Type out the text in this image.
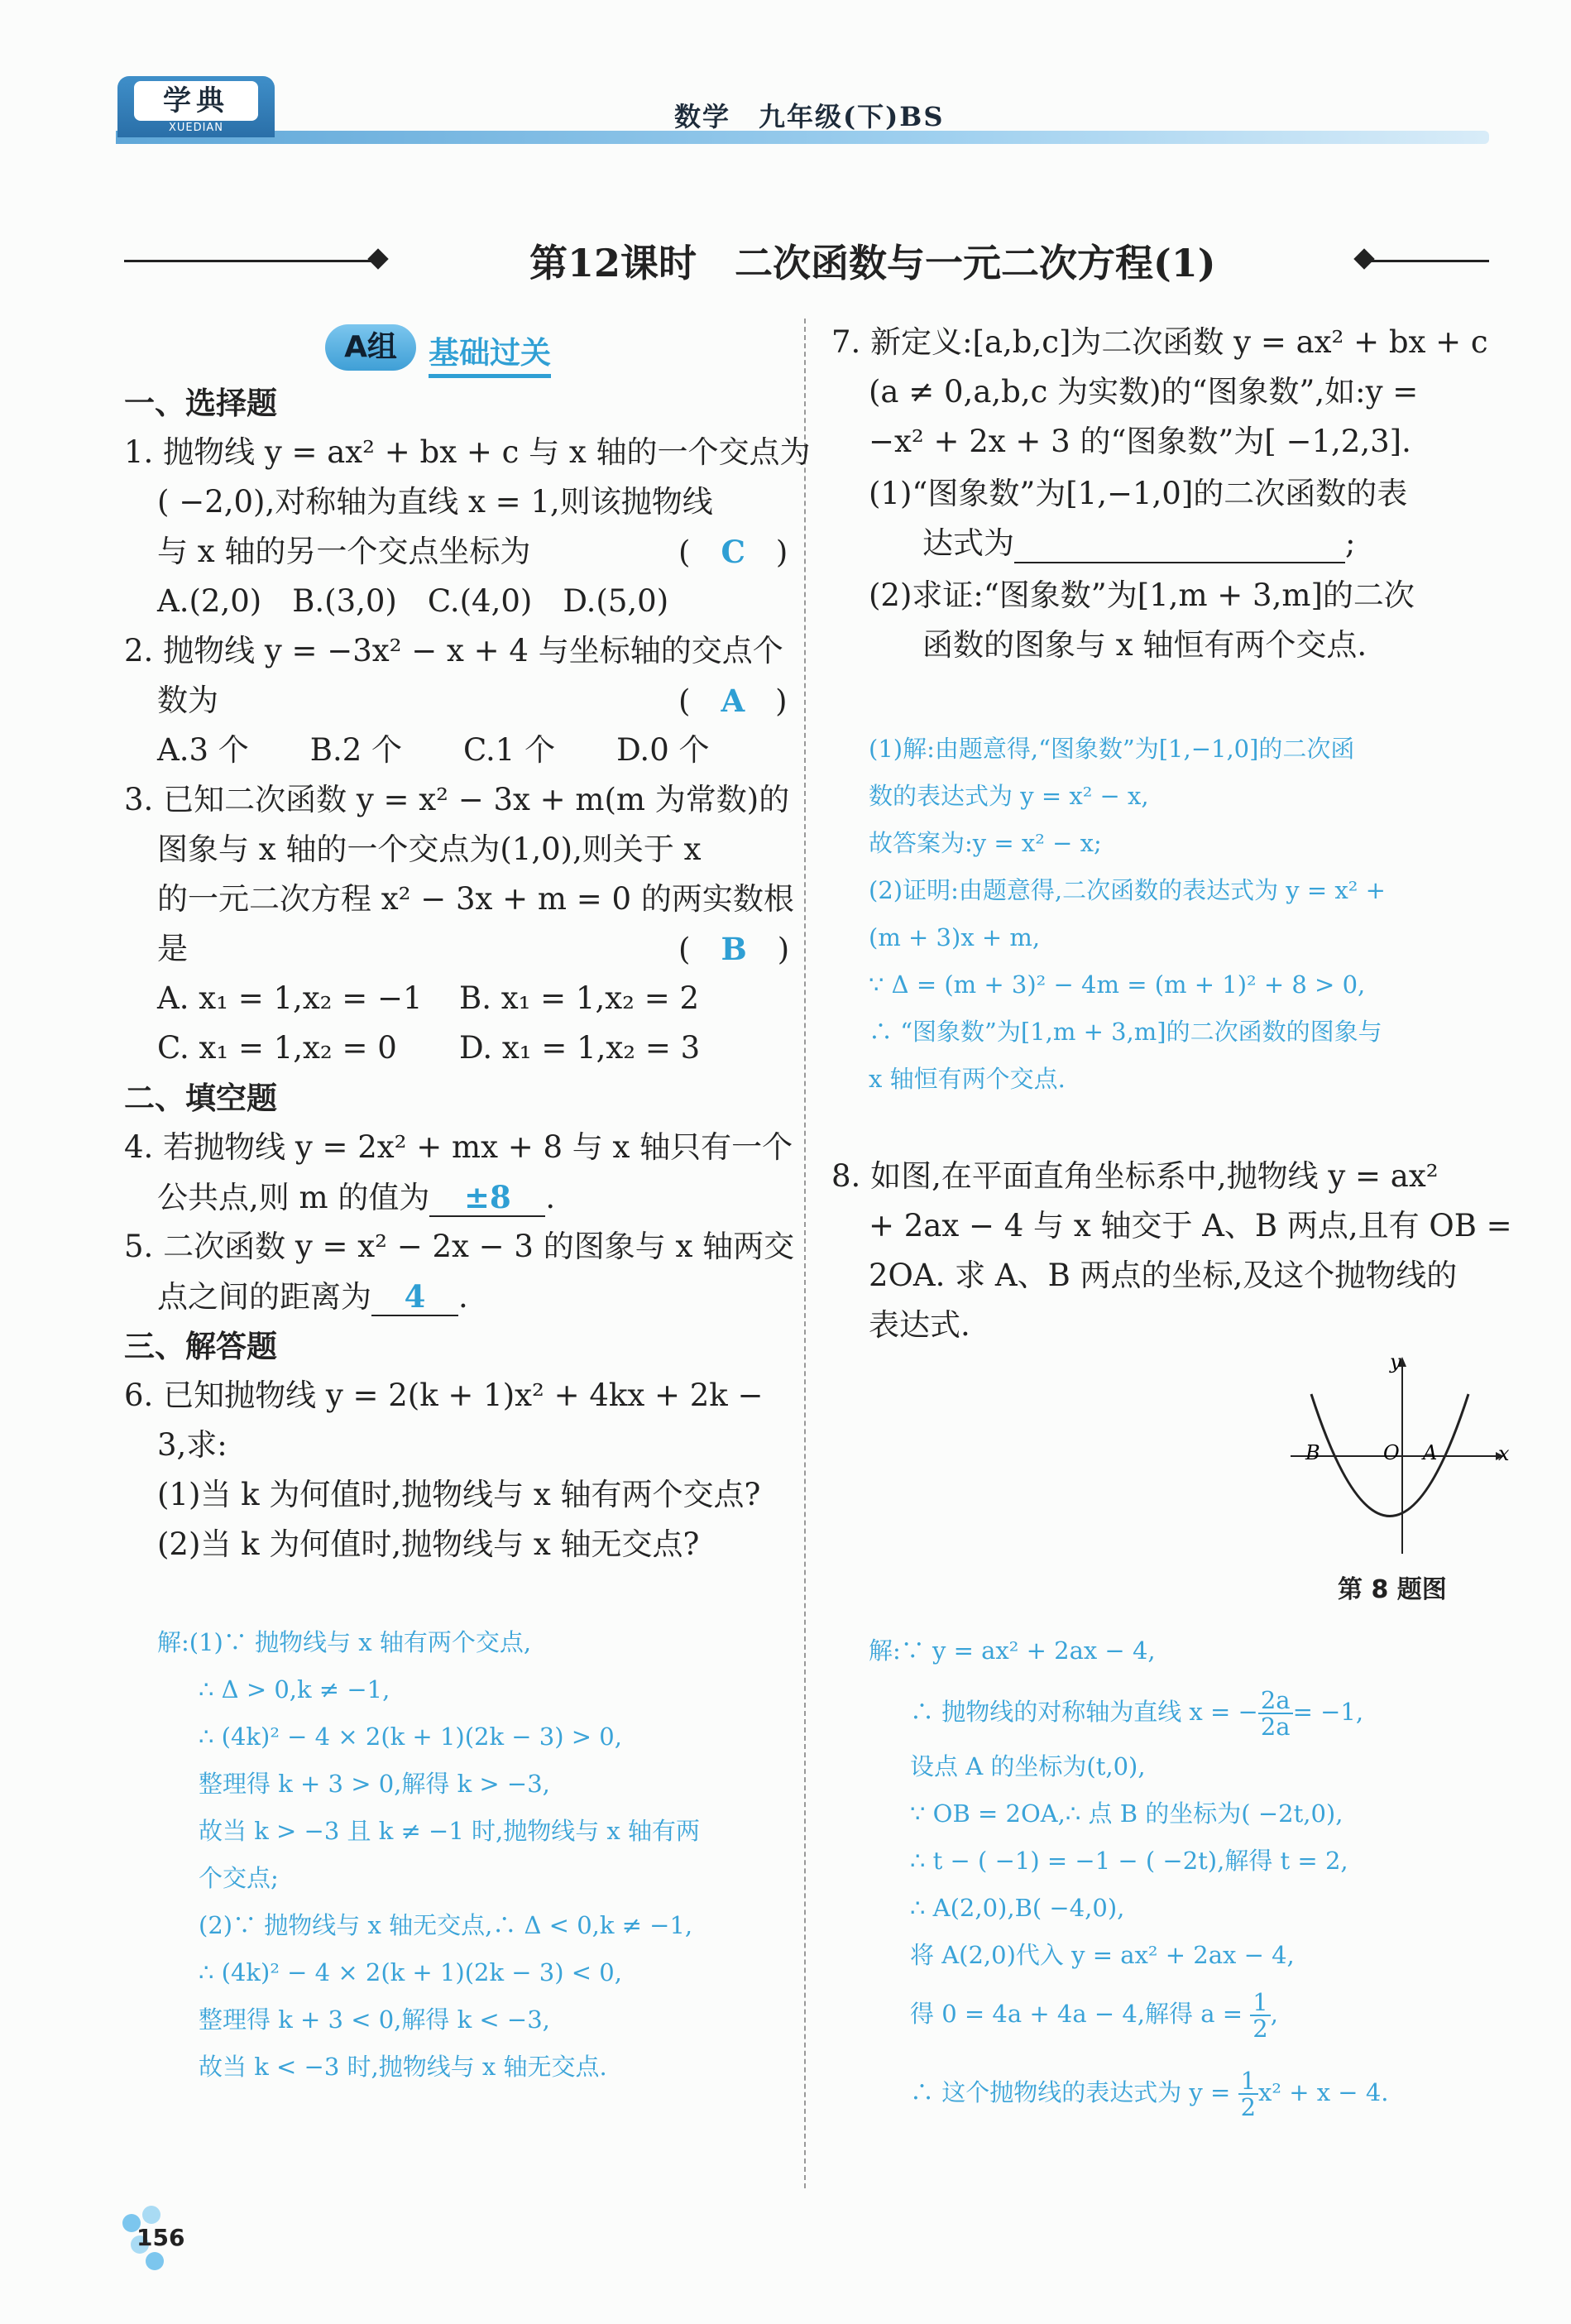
学典
XUEDIAN	数学　九年级(下)BS
第12课时　二次函数与一元二次方程(1)
A组	基础过关
一、选择题
1. 抛物线 y = ax² + bx + c 与 x 轴的一个交点为
( −2,0),对称轴为直线 x = 1,则该抛物线
与 x 轴的另一个交点坐标为	(　C　)
A.(2,0)　B.(3,0)　C.(4,0)　D.(5,0)
2. 抛物线 y = −3x² − x + 4 与坐标轴的交点个
数为	(　A　)
A.3 个　　B.2 个　　C.1 个　　D.0 个
3. 已知二次函数 y = x² − 3x + m(m 为常数)的
图象与 x 轴的一个交点为(1,0),则关于 x
的一元二次方程 x² − 3x + m = 0 的两实数根
是	(　B　)
A. x₁ = 1,x₂ = −1 B. x₁ = 1,x₂ = 2
C. x₁ = 1,x₂ = 0 D. x₁ = 1,x₂ = 3
二、填空题
4. 若抛物线 y = 2x² + mx + 8 与 x 轴只有一个
公共点,则 m 的值为 ±8 .
5. 二次函数 y = x² − 2x − 3 的图象与 x 轴两交
点之间的距离为 4 .
三、解答题
6. 已知抛物线 y = 2(k + 1)x² + 4kx + 2k −
3,求:
(1)当 k 为何值时,抛物线与 x 轴有两个交点?
(2)当 k 为何值时,抛物线与 x 轴无交点?
解:(1)∵ 抛物线与 x 轴有两个交点,
∴ Δ > 0,k ≠ −1,
∴ (4k)² − 4 × 2(k + 1)(2k − 3) > 0,
整理得 k + 3 > 0,解得 k > −3,
故当 k > −3 且 k ≠ −1 时,抛物线与 x 轴有两
个交点;
(2)∵ 抛物线与 x 轴无交点,∴ Δ < 0,k ≠ −1,
∴ (4k)² − 4 × 2(k + 1)(2k − 3) < 0,
整理得 k + 3 < 0,解得 k < −3,
故当 k < −3 时,抛物线与 x 轴无交点.
7. 新定义:[a,b,c]为二次函数 y = ax² + bx + c
(a ≠ 0,a,b,c 为实数)的“图象数”,如:y =
−x² + 2x + 3 的“图象数”为[ −1,2,3].
(1)“图象数”为[1,−1,0]的二次函数的表
达式为	;
(2)求证:“图象数”为[1,m + 3,m]的二次
函数的图象与 x 轴恒有两个交点.
(1)解:由题意得,“图象数”为[1,−1,0]的二次函
数的表达式为 y = x² − x,
故答案为:y = x² − x;
(2)证明:由题意得,二次函数的表达式为 y = x² +
(m + 3)x + m,
∵ Δ = (m + 3)² − 4m = (m + 1)² + 8 > 0,
∴ “图象数”为[1,m + 3,m]的二次函数的图象与
x 轴恒有两个交点.
8. 如图,在平面直角坐标系中,抛物线 y = ax²
+ 2ax − 4 与 x 轴交于 A、B 两点,且有 OB =
2OA. 求 A、B 两点的坐标,及这个抛物线的
表达式.
x
y
O A
B
第 8 题图
解:∵ y = ax² + 2ax − 4,
∴ 抛物线的对称轴为直线 x = − $\frac{2a}{2a} = -1$,
设点 A 的坐标为(t,0),
∵ OB = 2OA,∴ 点 B 的坐标为( −2t,0),
∴ t − ( −1) = −1 − ( −2t),解得 t = 2,
∴ A(2,0),B( −4,0),
将 A(2,0)代入 y = ax² + 2ax − 4,
得 0 = 4a + 4a − 4,解得 $a = \frac{1}{2}$ ,
∴ 这个抛物线的表达式为 $y = \frac{1}{2} x^2 + x - 4$.
156
